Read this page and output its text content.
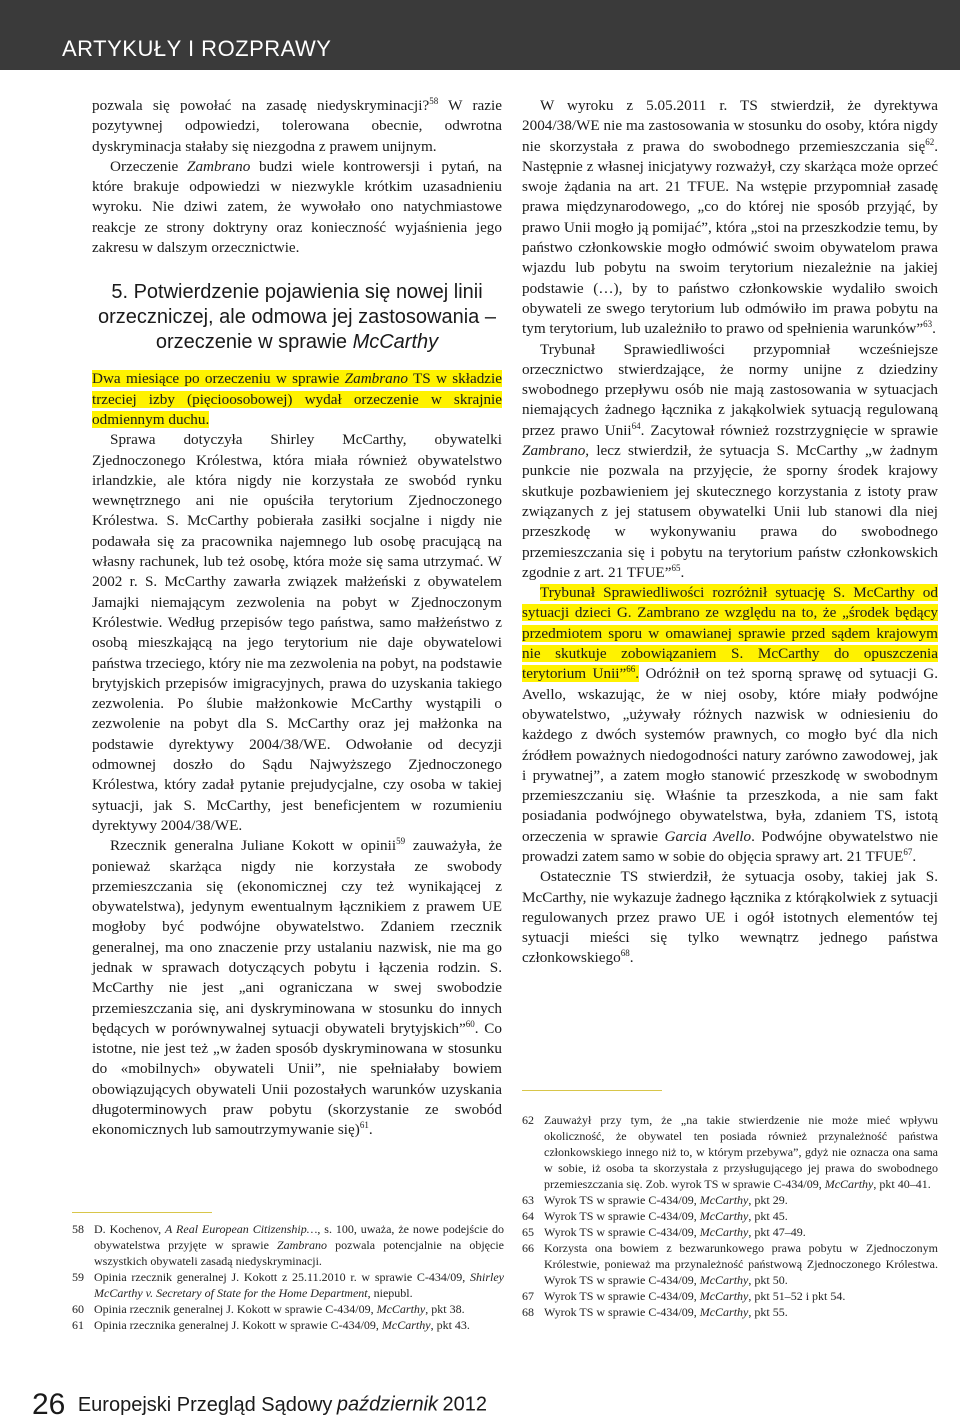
ARTYKUŁY I ROZPRAWY

pozwala się powołać na zasadę niedyskryminacji?$^{58}$ W razie pozytywnej odpowiedzi, tolerowana obecnie, odwrotna dyskryminacja stałaby się niezgodna z prawem unijnym.

Orzeczenie Zambrano budzi wiele kontrowersji i pytań, na które brakuje odpowiedzi w niezwykle krótkim uzasadnieniu wyroku. Nie dziwi zatem, że wywołało ono natychmiastowe reakcje ze strony doktryny oraz konieczność wyjaśnienia jego zakresu w dalszym orzecznictwie.

5. Potwierdzenie pojawienia się nowej linii orzeczniczej, ale odmowa jej zastosowania – orzeczenie w sprawie McCarthy

Dwa miesiące po orzeczeniu w sprawie Zambrano TS w składzie trzeciej izby (pięcioosobowej) wydał orzeczenie w skrajnie odmiennym duchu.

Sprawa dotyczyła Shirley McCarthy, obywatelki Zjednoczonego Królestwa, która miała również obywatelstwo irlandzkie, ale która nigdy nie korzystała ze swobód rynku wewnętrznego ani nie opuściła terytorium Zjednoczonego Królestwa. S. McCarthy pobierała zasiłki socjalne i nigdy nie podawała się za pracownika najemnego lub osobę pracującą na własny rachunek, lub też osobę, która może się sama utrzymać. W 2002 r. S. McCarthy zawarła związek małżeński z obywatelem Jamajki niemającym zezwolenia na pobyt w Zjednoczonym Królestwie. Według przepisów tego państwa, samo małżeństwo z osobą mieszkającą na jego terytorium nie daje obywatelowi państwa trzeciego, który nie ma zezwolenia na pobyt, na podstawie brytyjskich przepisów imigracyjnych, prawa do uzyskania takiego zezwolenia. Po ślubie małżonkowie McCarthy wystąpili o zezwolenie na pobyt dla S. McCarthy oraz jej małżonka na podstawie dyrektywy 2004/38/WE. Odwołanie od decyzji odmownej doszło do Sądu Najwyższego Zjednoczonego Królestwa, który zadał pytanie prejudycjalne, czy osoba w takiej sytuacji, jak S. McCarthy, jest beneficjentem w rozumieniu dyrektywy 2004/38/WE.

Rzecznik generalna Juliane Kokott w opinii$^{59}$ zauważyła, że ponieważ skarżąca nigdy nie korzystała ze swobody przemieszczania się (ekonomicznej czy też wynikającej z obywatelstwa), jedynym ewentualnym łącznikiem z prawem UE mogłoby być podwójne obywatelstwo. Zdaniem rzecznik generalnej, ma ono znaczenie przy ustalaniu nazwisk, nie ma go jednak w sprawach dotyczących pobytu i łączenia rodzin. S. McCarthy nie jest „ani ograniczana w swej swobodzie przemieszczania się, ani dyskryminowana w stosunku do innych będących w porównywalnej sytuacji obywateli brytyjskich”$^{60}$. Co istotne, nie jest też „w żaden sposób dyskryminowana w stosunku do «mobilnych» obywateli Unii”, nie spełniałaby bowiem obowiązujących obywateli Unii pozostałych warunków uzyskania długoterminowych praw pobytu (skorzystanie ze swobód ekonomicznych lub samoutrzymywanie się)$^{61}$.

W wyroku z 5.05.2011 r. TS stwierdził, że dyrektywa 2004/38/WE nie ma zastosowania w stosunku do osoby, która nigdy nie skorzystała z prawa do swobodnego przemieszczania się$^{62}$. Następnie z własnej inicjatywy rozważył, czy skarżąca może oprzeć swoje żądania na art. 21 TFUE. Na wstępie przypomniał zasadę prawa międzynarodowego, „co do której nie sposób przyjąć, by prawo Unii mogło ją pomijać”, która „stoi na przeszkodzie temu, by państwo członkowskie mogło odmówić swoim obywatelom prawa wjazdu lub pobytu na swoim terytorium niezależnie na jakiej podstawie (…), by to państwo członkowskie wydaliło swoich obywateli ze swego terytorium lub odmówiło im prawa pobytu na tym terytorium, lub uzależniło to prawo od spełnienia warunków”$^{63}$.

Trybunał Sprawiedliwości przypomniał wcześniejsze orzecznictwo stwierdzające, że normy unijne z dziedziny swobodnego przepływu osób nie mają zastosowania w sytuacjach niemających żadnego łącznika z jakąkolwiek sytuacją regulowaną przez prawo Unii$^{64}$. Zacytował również rozstrzygnięcie w sprawie Zambrano, lecz stwierdził, że sytuacja S. McCarthy „w żadnym punkcie nie pozwala na przyjęcie, że sporny środek krajowy skutkuje pozbawieniem jej skutecznego korzystania z istoty praw związanych z jej statusem obywatelki Unii lub stanowi dla niej przeszkodę w wykonywaniu prawa do swobodnego przemieszczania się i pobytu na terytorium państw członkowskich zgodnie z art. 21 TFUE”$^{65}$.

Trybunał Sprawiedliwości rozróżnił sytuację S. McCarthy od sytuacji dzieci G. Zambrano ze względu na to, że „środek będący przedmiotem sporu w omawianej sprawie przed sądem krajowym nie skutkuje zobowiązaniem S. McCarthy do opuszczenia terytorium Unii”$^{66}$. Odróżnił on też sporną sprawę od sytuacji G. Avello, wskazując, że w niej osoby, które miały podwójne obywatelstwo, „używały różnych nazwisk w odniesieniu do każdego z dwóch systemów prawnych, co mogło być dla nich źródłem poważnych niedogodności natury zarówno zawodowej, jak i prywatnej”, a zatem mogło stanowić przeszkodę w swobodnym przemieszczaniu się. Właśnie ta przeszkoda, a nie sam fakt posiadania podwójnego obywatelstwa, była, zdaniem TS, istotą orzeczenia w sprawie Garcia Avello. Podwójne obywatelstwo nie prowadzi zatem samo w sobie do objęcia sprawy art. 21 TFUE$^{67}$.

Ostatecznie TS stwierdził, że sytuacja osoby, takiej jak S. McCarthy, nie wykazuje żadnego łącznika z którąkolwiek z sytuacji regulowanych przez prawo UE i ogół istotnych elementów tej sytuacji mieści się tylko wewnątrz jednego państwa członkowskiego$^{68}$.

58 D. Kochenov, A Real European Citizenship…, s. 100, uważa, że nowe podejście do obywatelstwa przyjęte w sprawie Zambrano pozwala potencjalnie na objęcie wszystkich obywateli zasadą niedyskryminacji.
59 Opinia rzecznik generalnej J. Kokott z 25.11.2010 r. w sprawie C-434/09, Shirley McCarthy v. Secretary of State for the Home Department, niepubl.
60 Opinia rzecznik generalnej J. Kokott w sprawie C-434/09, McCarthy, pkt 38.
61 Opinia rzecznika generalnej J. Kokott w sprawie C-434/09, McCarthy, pkt 43.
62 Zauważył przy tym, że „na takie stwierdzenie nie może mieć wpływu okoliczność, że obywatel ten posiada również przynależność państwa członkowskiego innego niż to, w którym przebywa”, gdyż nie oznacza ona sama w sobie, iż osoba ta skorzystała z przysługującego jej prawa do swobodnego przemieszczania się. Zob. wyrok TS w sprawie C-434/09, McCarthy, pkt 40–41.
63 Wyrok TS w sprawie C-434/09, McCarthy, pkt 29.
64 Wyrok TS w sprawie C-434/09, McCarthy, pkt 45.
65 Wyrok TS w sprawie C-434/09, McCarthy, pkt 47–49.
66 Korzysta ona bowiem z bezwarunkowego prawa pobytu w Zjednoczonym Królestwie, ponieważ ma przynależność państwową Zjednoczonego Królestwa. Wyrok TS w sprawie C-434/09, McCarthy, pkt 50.
67 Wyrok TS w sprawie C-434/09, McCarthy, pkt 51–52 i pkt 54.
68 Wyrok TS w sprawie C-434/09, McCarthy, pkt 55.
26 Europejski Przegląd Sądowy październik 2012
